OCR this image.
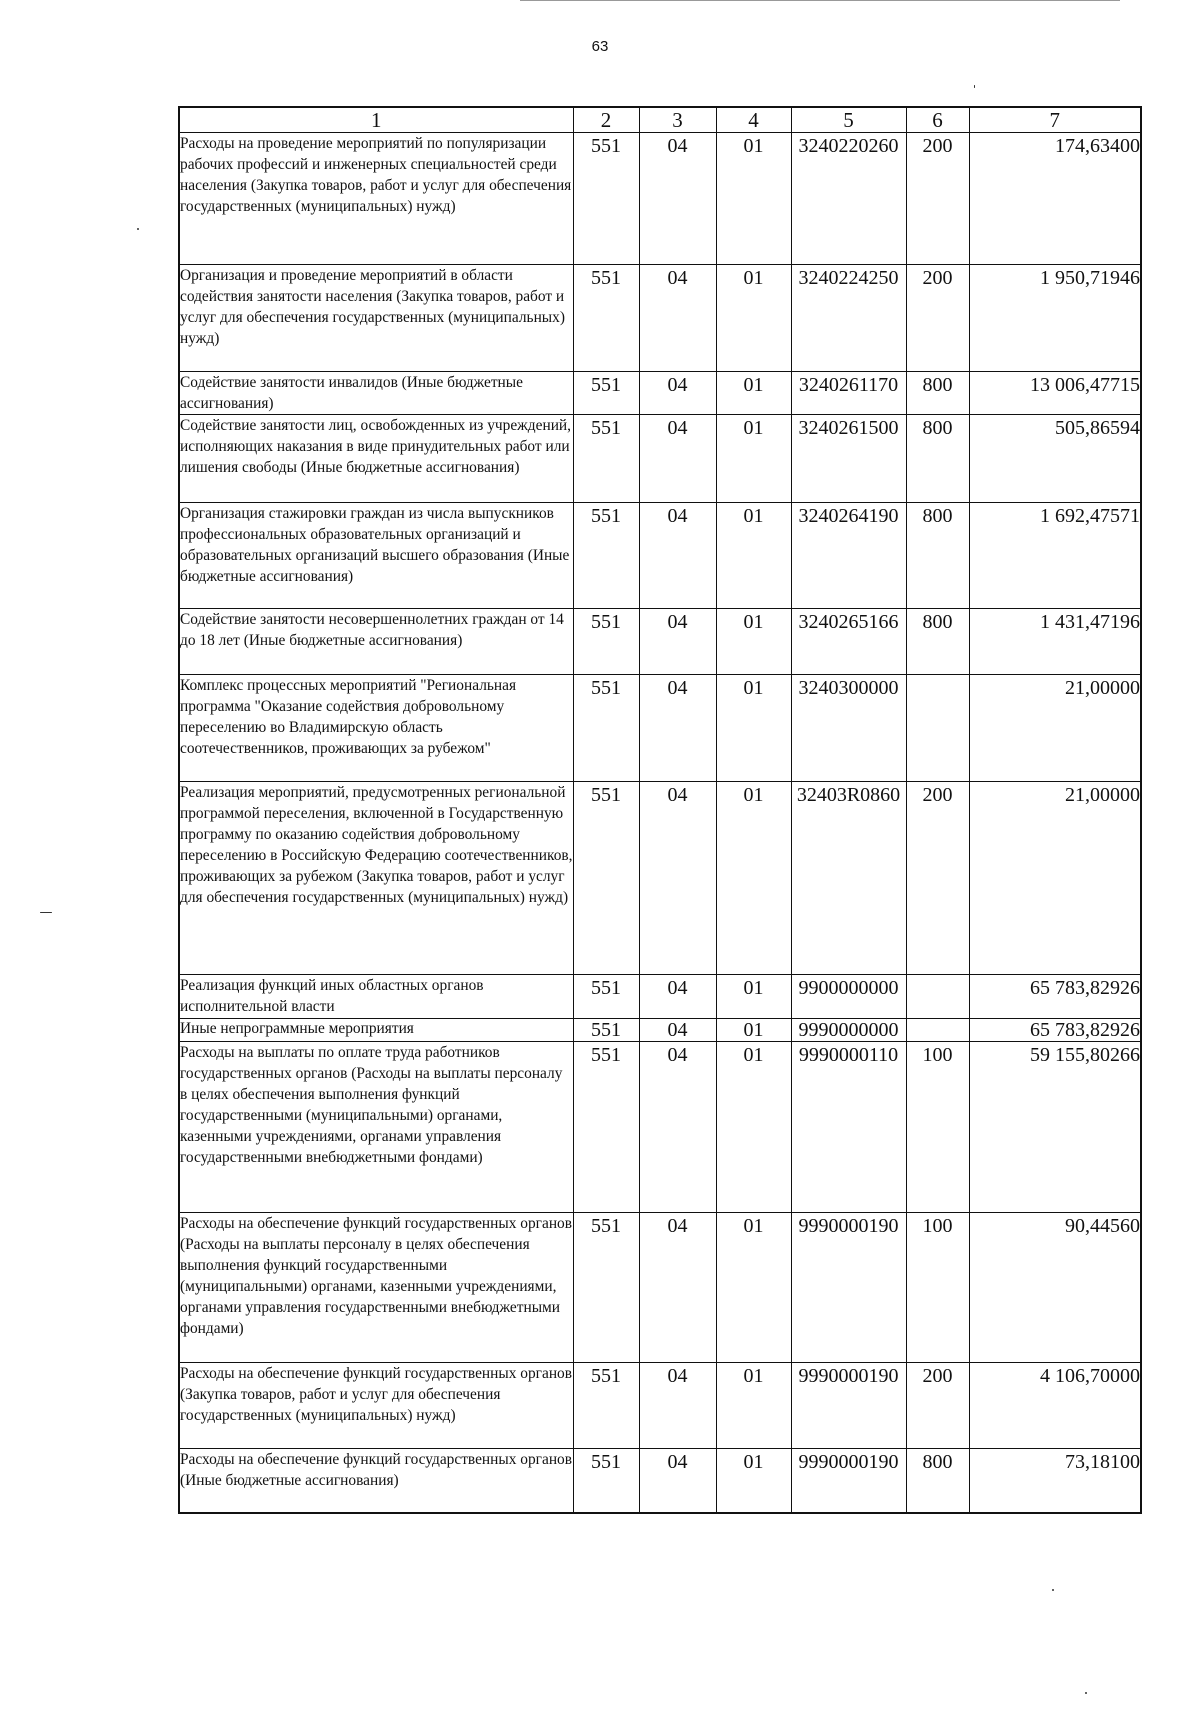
63
1	2	3	4	5	6	7
Расходы на проведение мероприятий по популяризации рабочих профессий и инженерных специальностей среди населения (Закупка товаров, работ и услуг для обеспечения государственных (муниципальных) нужд)	551	04	01	3240220260	200	174,63400
Организация и проведение мероприятий в области содействия занятости населения (Закупка товаров, работ и услуг для обеспечения государственных (муниципальных) нужд)	551	04	01	3240224250	200	1 950,71946
Содействие занятости инвалидов (Иные бюджетные ассигнования)	551	04	01	3240261170	800	13 006,47715
Содействие занятости лиц, освобожденных из учреждений, исполняющих наказания в виде принудительных работ или лишения свободы (Иные бюджетные ассигнования)	551	04	01	3240261500	800	505,86594
Организация стажировки граждан из числа выпускников профессиональных образовательных организаций и образовательных организаций высшего образования (Иные бюджетные ассигнования)	551	04	01	3240264190	800	1 692,47571
Содействие занятости несовершеннолетних граждан от 14 до 18 лет (Иные бюджетные ассигнования)	551	04	01	3240265166	800	1 431,47196
Комплекс процессных мероприятий "Региональная программа "Оказание содействия добровольному переселению во Владимирскую область соотечественников, проживающих за рубежом"	551	04	01	3240300000		21,00000
Реализация мероприятий, предусмотренных региональной программой переселения, включенной в Государственную программу по оказанию содействия добровольному переселению в Российскую Федерацию соотечественников, проживающих за рубежом (Закупка товаров, работ и услуг для обеспечения государственных (муниципальных) нужд)	551	04	01	32403R0860	200	21,00000
Реализация функций иных областных органов исполнительной власти	551	04	01	9900000000		65 783,82926
Иные непрограммные мероприятия	551	04	01	9990000000		65 783,82926
Расходы на выплаты по оплате труда работников государственных органов (Расходы на выплаты персоналу в целях обеспечения выполнения функций государственными (муниципальными) органами, казенными учреждениями, органами управления государственными внебюджетными фондами)	551	04	01	9990000110	100	59 155,80266
Расходы на обеспечение функций государственных органов (Расходы на выплаты персоналу в целях обеспечения выполнения функций государственными (муниципальными) органами, казенными учреждениями, органами управления государственными внебюджетными фондами)	551	04	01	9990000190	100	90,44560
Расходы на обеспечение функций государственных органов (Закупка товаров, работ и услуг для обеспечения государственных (муниципальных) нужд)	551	04	01	9990000190	200	4 106,70000
Расходы на обеспечение функций государственных органов (Иные бюджетные ассигнования)	551	04	01	9990000190	800	73,18100
